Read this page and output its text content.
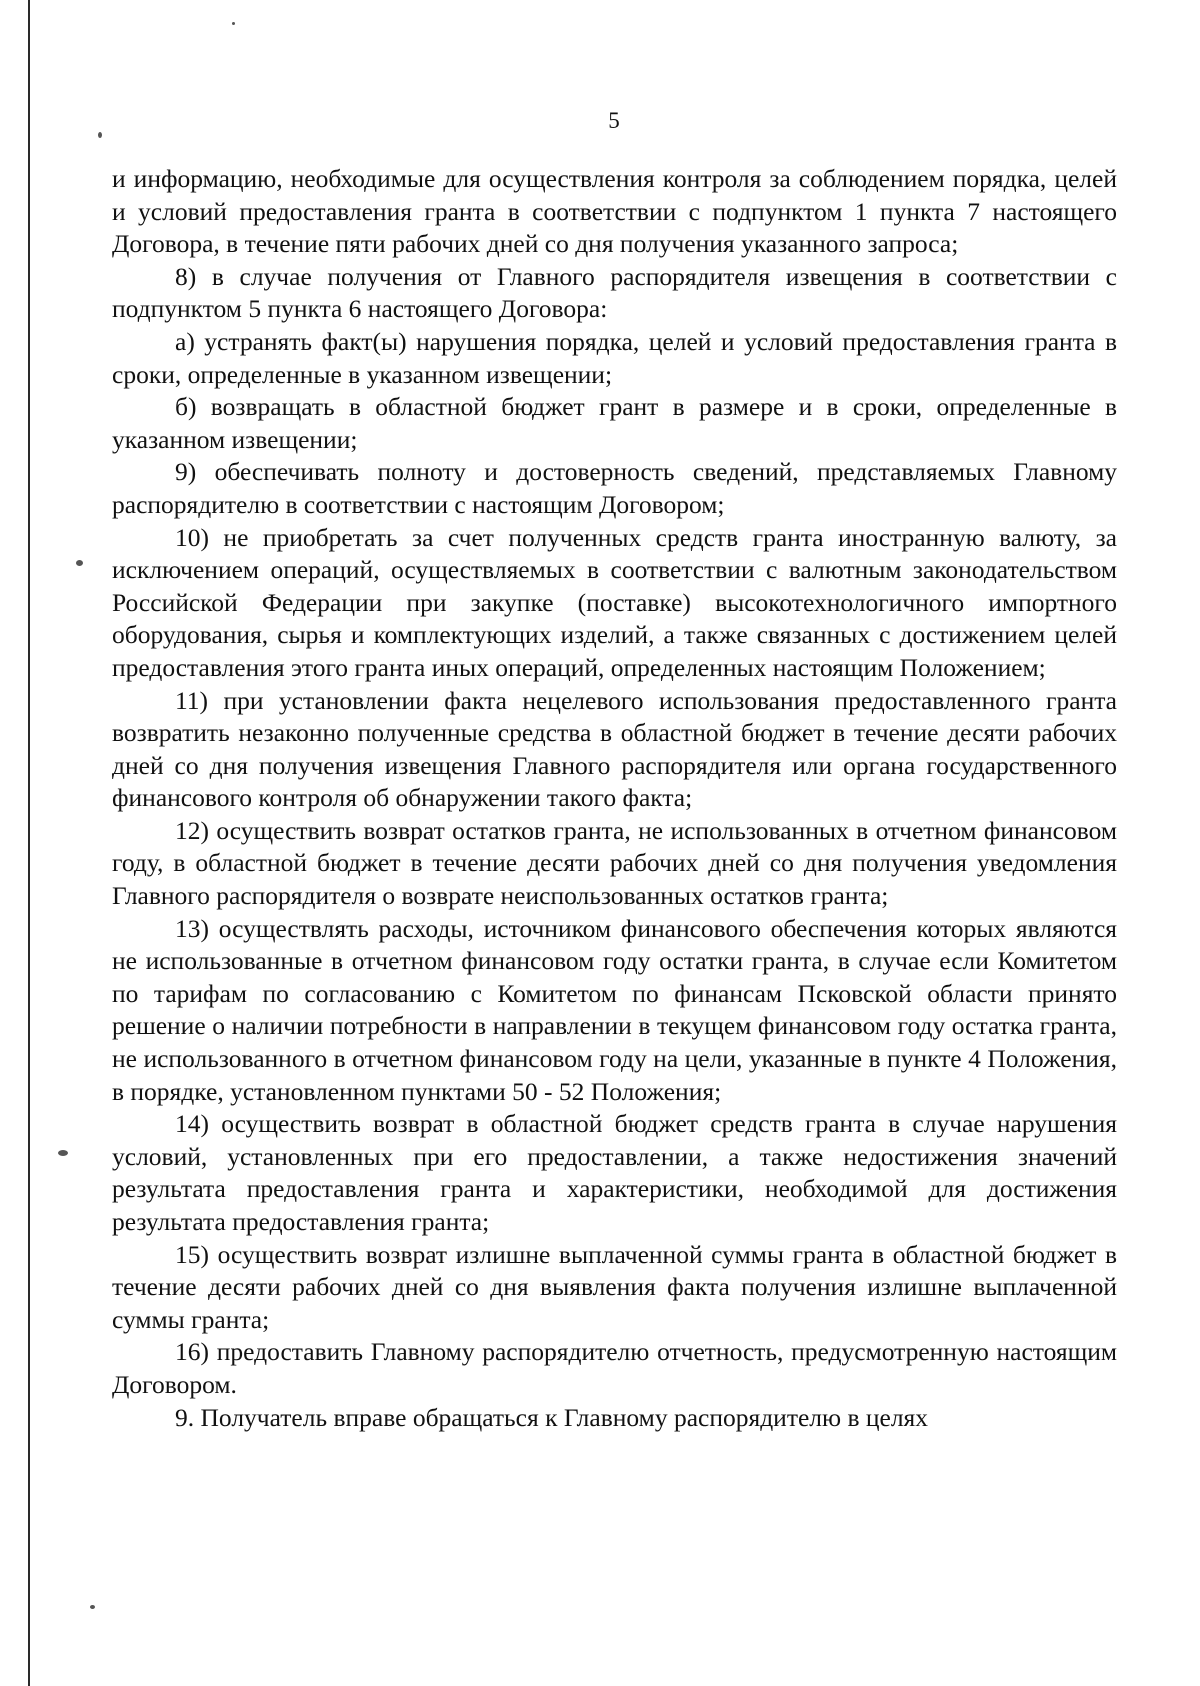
5

и информацию, необходимые для осуществления контроля за соблюдением порядка, целей и условий предоставления гранта в соответствии с подпунктом 1 пункта 7 настоящего Договора, в течение пяти рабочих дней со дня получения указанного запроса;

8) в случае получения от Главного распорядителя извещения в соответствии с подпунктом 5 пункта 6 настоящего Договора:

а) устранять факт(ы) нарушения порядка, целей и условий предоставления гранта в сроки, определенные в указанном извещении;

б) возвращать в областной бюджет грант в размере и в сроки, определенные в указанном извещении;

9) обеспечивать полноту и достоверность сведений, представляемых Главному распорядителю в соответствии с настоящим Договором;

10) не приобретать за счет полученных средств гранта иностранную валюту, за исключением операций, осуществляемых в соответствии с валютным законодательством Российской Федерации при закупке (поставке) высокотехнологичного импортного оборудования, сырья и комплектующих изделий, а также связанных с достижением целей предоставления этого гранта иных операций, определенных настоящим Положением;

11) при установлении факта нецелевого использования предоставленного гранта возвратить незаконно полученные средства в областной бюджет в течение десяти рабочих дней со дня получения извещения Главного распорядителя или органа государственного финансового контроля об обнаружении такого факта;

12) осуществить возврат остатков гранта, не использованных в отчетном финансовом году, в областной бюджет в течение десяти рабочих дней со дня получения уведомления Главного распорядителя о возврате неиспользованных остатков гранта;

13) осуществлять расходы, источником финансового обеспечения которых являются не использованные в отчетном финансовом году остатки гранта, в случае если Комитетом по тарифам по согласованию с Комитетом по финансам Псковской области принято решение о наличии потребности в направлении в текущем финансовом году остатка гранта, не использованного в отчетном финансовом году на цели, указанные в пункте 4 Положения, в порядке, установленном пунктами 50 - 52 Положения;

14) осуществить возврат в областной бюджет средств гранта в случае нарушения условий, установленных при его предоставлении, а также недостижения значений результата предоставления гранта и характеристики, необходимой для достижения результата предоставления гранта;

15) осуществить возврат излишне выплаченной суммы гранта в областной бюджет в течение десяти рабочих дней со дня выявления факта получения излишне выплаченной суммы гранта;

16) предоставить Главному распорядителю отчетность, предусмотренную настоящим Договором.

9. Получатель вправе обращаться к Главному распорядителю в целях
